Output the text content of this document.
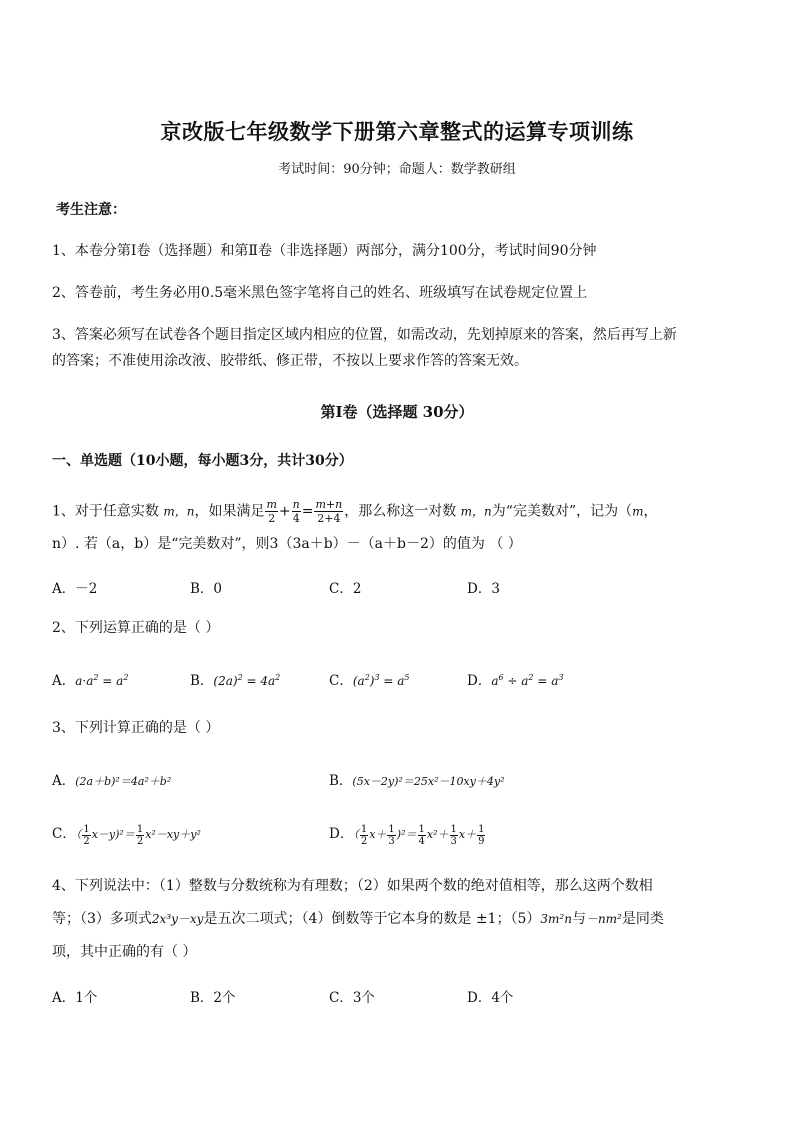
京改版七年级数学下册第六章整式的运算专项训练
考试时间：90分钟；命题人：数学教研组
考生注意：
1、本卷分第Ⅰ卷（选择题）和第Ⅱ卷（非选择题）两部分，满分100分，考试时间90分钟
2、答卷前，考生务必用0.5毫米黑色签字笔将自己的姓名、班级填写在试卷规定位置上
3、答案必须写在试卷各个题目指定区域内相应的位置，如需改动，先划掉原来的答案，然后再写上新
的答案；不准使用涂改液、胶带纸、修正带，不按以上要求作答的答案无效。
第Ⅰ卷（选择题 30分）
一、单选题（10小题，每小题3分，共计30分）
1、对于任意实数 m，n，如果满足 $\frac{m}{2} + \frac{n}{4} = \frac{m+n}{2+4}$ ，那么称这一对数 m，n为“完美数对”，记为（m，
n）. 若（a，b）是“完美数对”，则3（3a＋b）－（a＋b－2）的值为 （ ）
A．－2	B．0	C．2	D．3
2、下列运算正确的是（ ）
A．$a\cdot a^2 = a^2$	B．$(2a)^2 = 4a^2$	C．$(a^2)^3 = a^5$	D．$a^6 \div a^2 = a^3$
3、下列计算正确的是（ ）
A．(2a＋b)²＝4a²＋b²	B．(5x－2y)²＝25x²－10xy＋4y²
C．（ $\frac{1}{2} x-y)^2= \frac{1}{2} x^2-xy+y^2$	D．（ $\frac{1}{2} x+ \frac{1}{3} )^2= \frac{1}{4} x^2+ \frac{1}{3} x+ \frac{1}{9}$
4、下列说法中：（1）整数与分数统称为有理数；（2）如果两个数的绝对值相等，那么这两个数相
等；（3）多项式2x³y－xy是五次二项式；（4）倒数等于它本身的数是 ±1；（5）3m²n与－nm²是同类
项，其中正确的有（ ）
A．1个	B．2个	C．3个	D．4个
